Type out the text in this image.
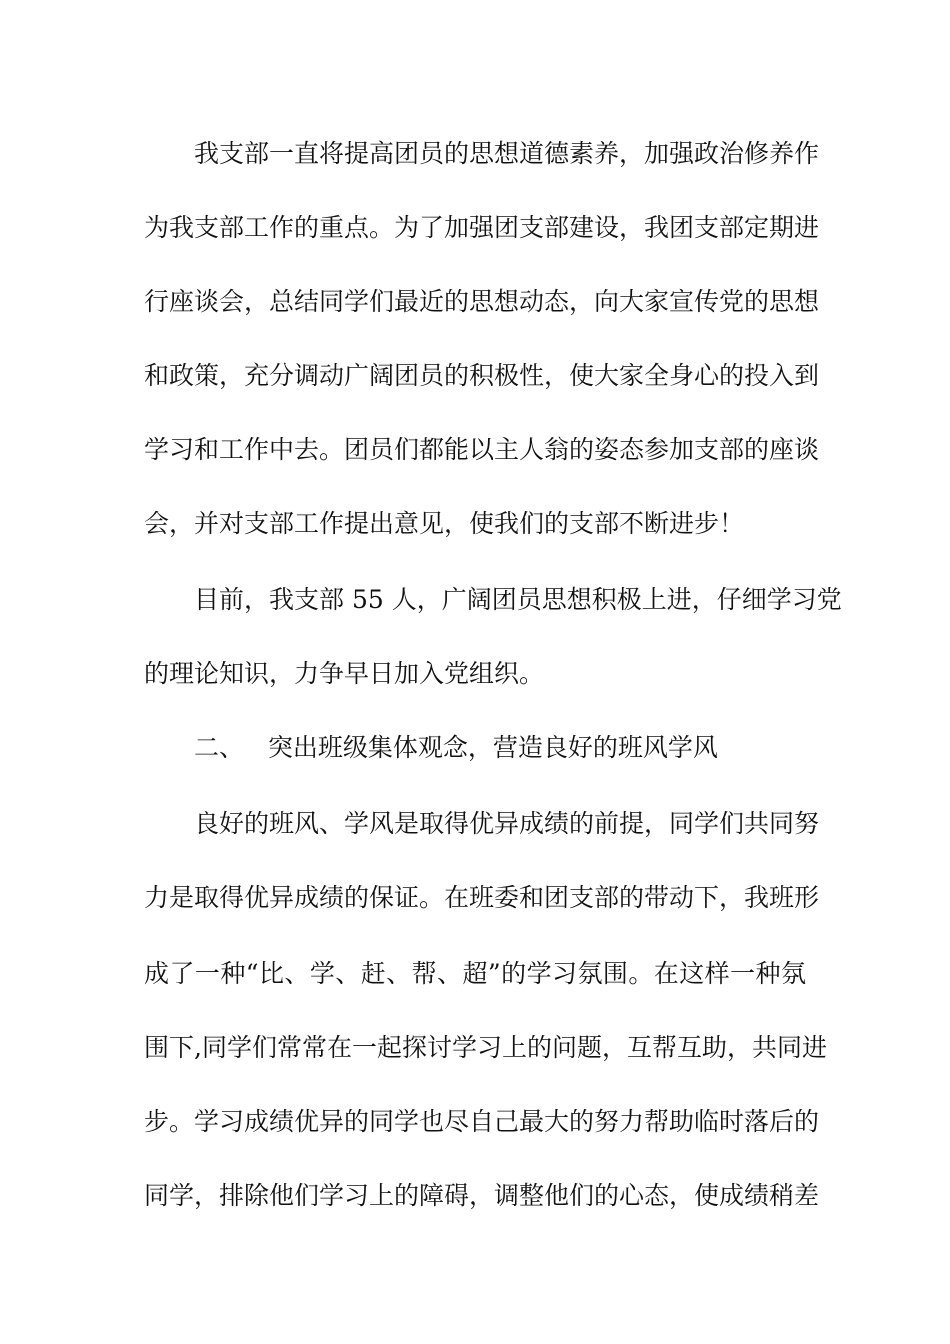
我支部一直将提高团员的思想道德素养，加强政治修养作
为我支部工作的重点。为了加强团支部建设，我团支部定期进
行座谈会，总结同学们最近的思想动态，向大家宣传党的思想
和政策，充分调动广阔团员的积极性，使大家全身心的投入到
学习和工作中去。团员们都能以主人翁的姿态参加支部的座谈
会，并对支部工作提出意见，使我们的支部不断进步！
目前，我支部 55 人，广阔团员思想积极上进，仔细学习党
的理论知识，力争早日加入党组织。
二、   突出班级集体观念，营造良好的班风学风
良好的班风、学风是取得优异成绩的前提，同学们共同努
力是取得优异成绩的保证。在班委和团支部的带动下，我班形
成了一种“比、学、赶、帮、超”的学习氛围。在这样一种氛
围下,同学们常常在一起探讨学习上的问题，互帮互助，共同进
步。学习成绩优异的同学也尽自己最大的努力帮助临时落后的
同学，排除他们学习上的障碍，调整他们的心态，使成绩稍差
